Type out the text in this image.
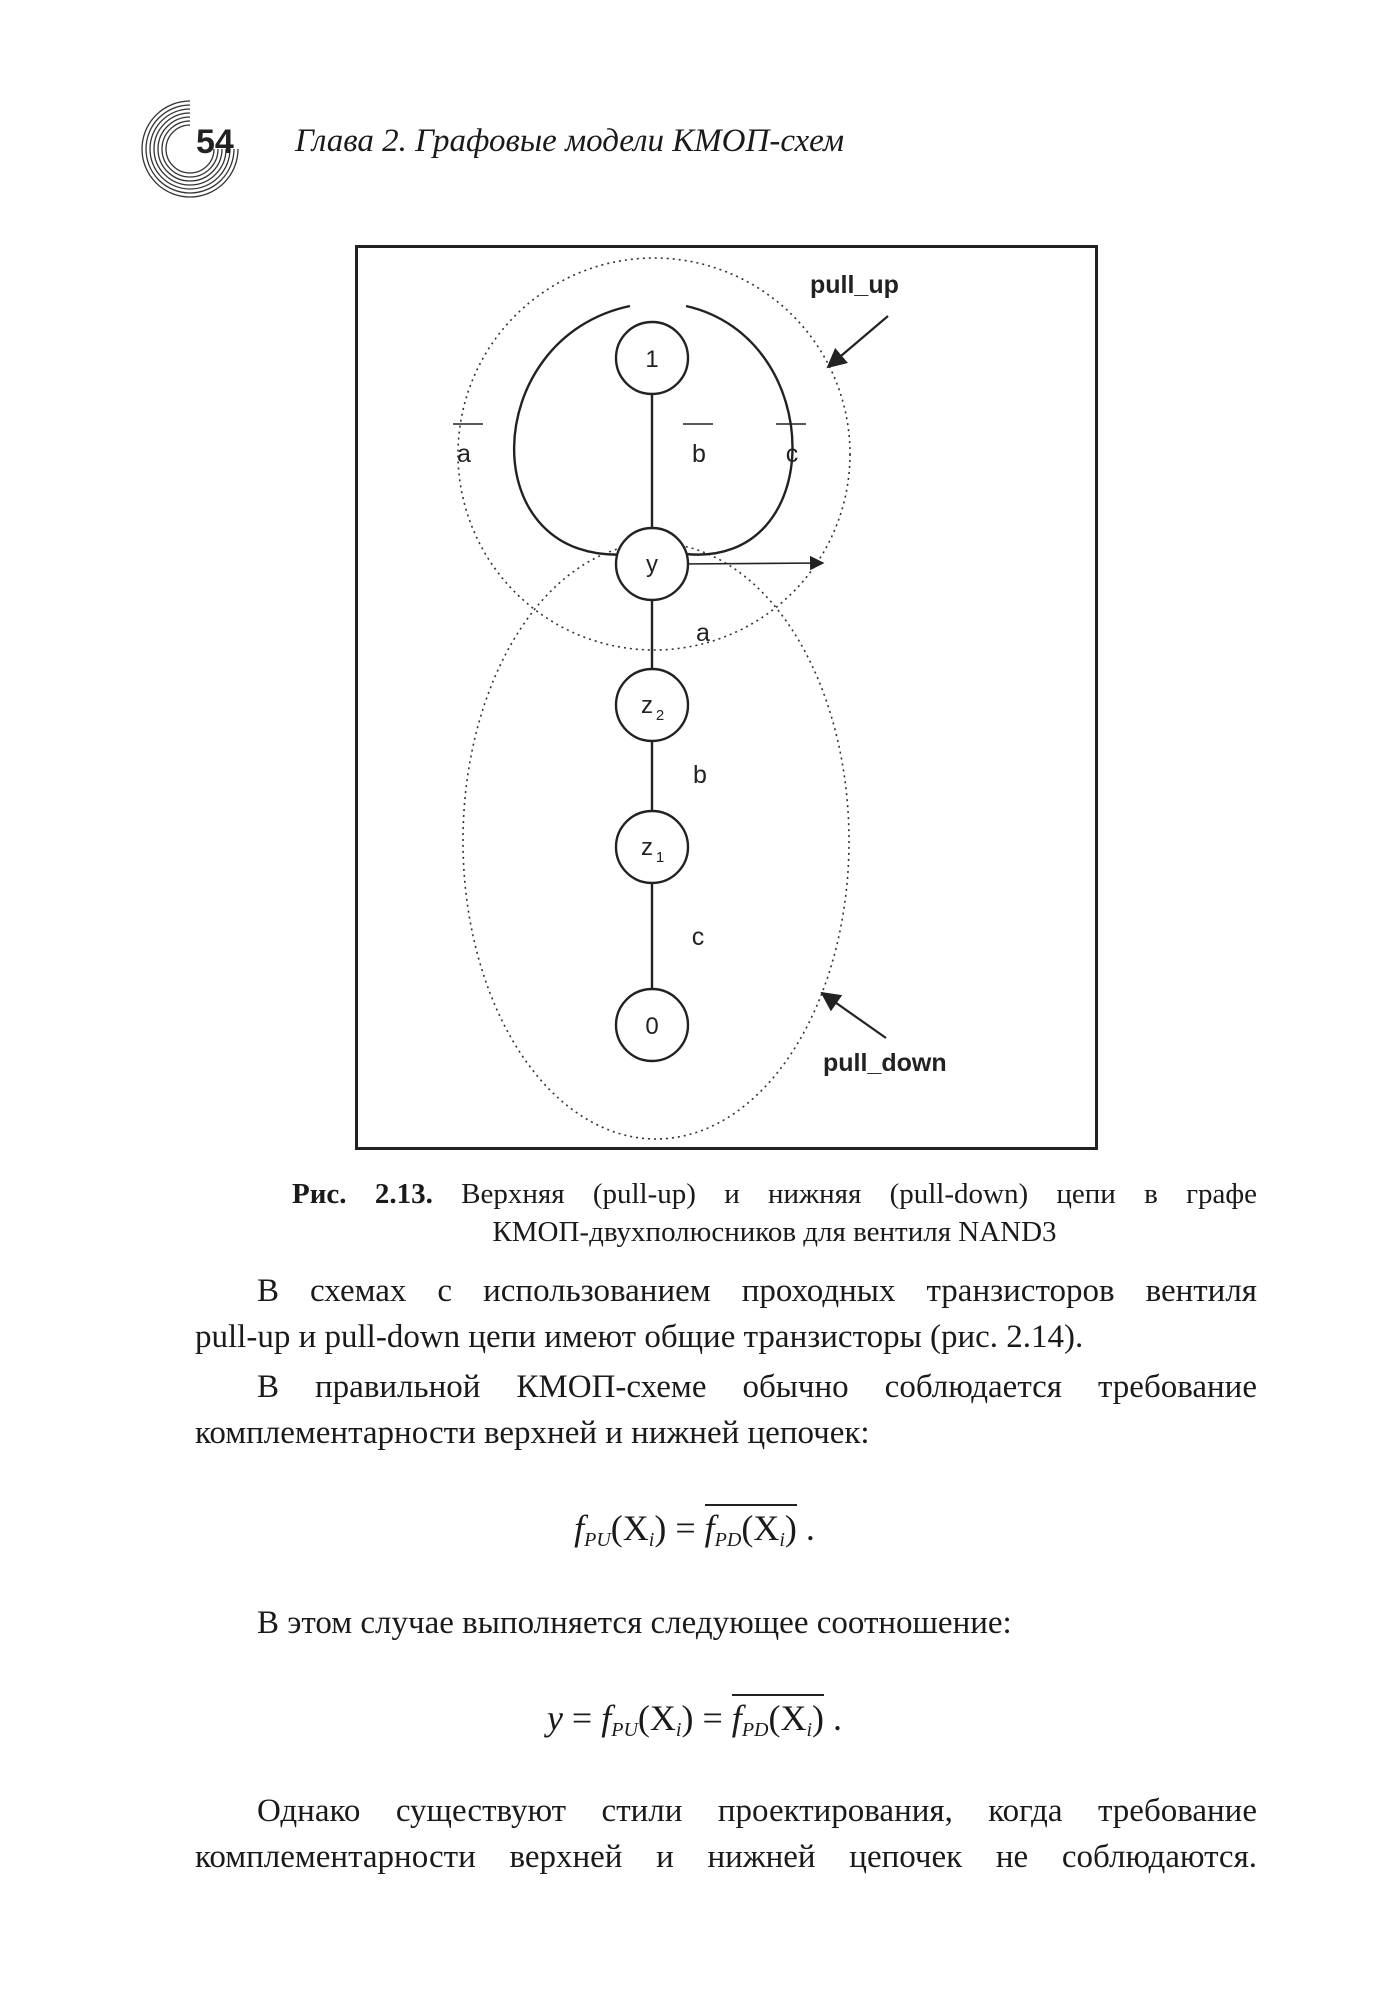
54 Глава 2. Графовые модели КМОП-схем
1
y
z 2
z 1
0
a	b	c
a
b
c
pull_up
pull_down
Рис. 2.13. Верхняя (pull-up) и нижняя (pull-down) цепи в графе
КМОП-двухполюсников для вентиля NAND3
В схемах с использованием проходных транзисторов вентиля
pull-up и pull-down цепи имеют общие транзисторы (рис. 2.14).
В правильной КМОП-схеме обычно соблюдается требование
комплементарности верхней и нижней цепочек:
$f_{PU}(Xi) = f_{PD}(Xi)$ .
В этом случае выполняется следующее соотношение:
$y = f_{PU}(Xi) = f_{PD}(Xi)$ .
Однако существуют стили проектирования, когда требование
комплементарности верхней и нижней цепочек не соблюдаются.
